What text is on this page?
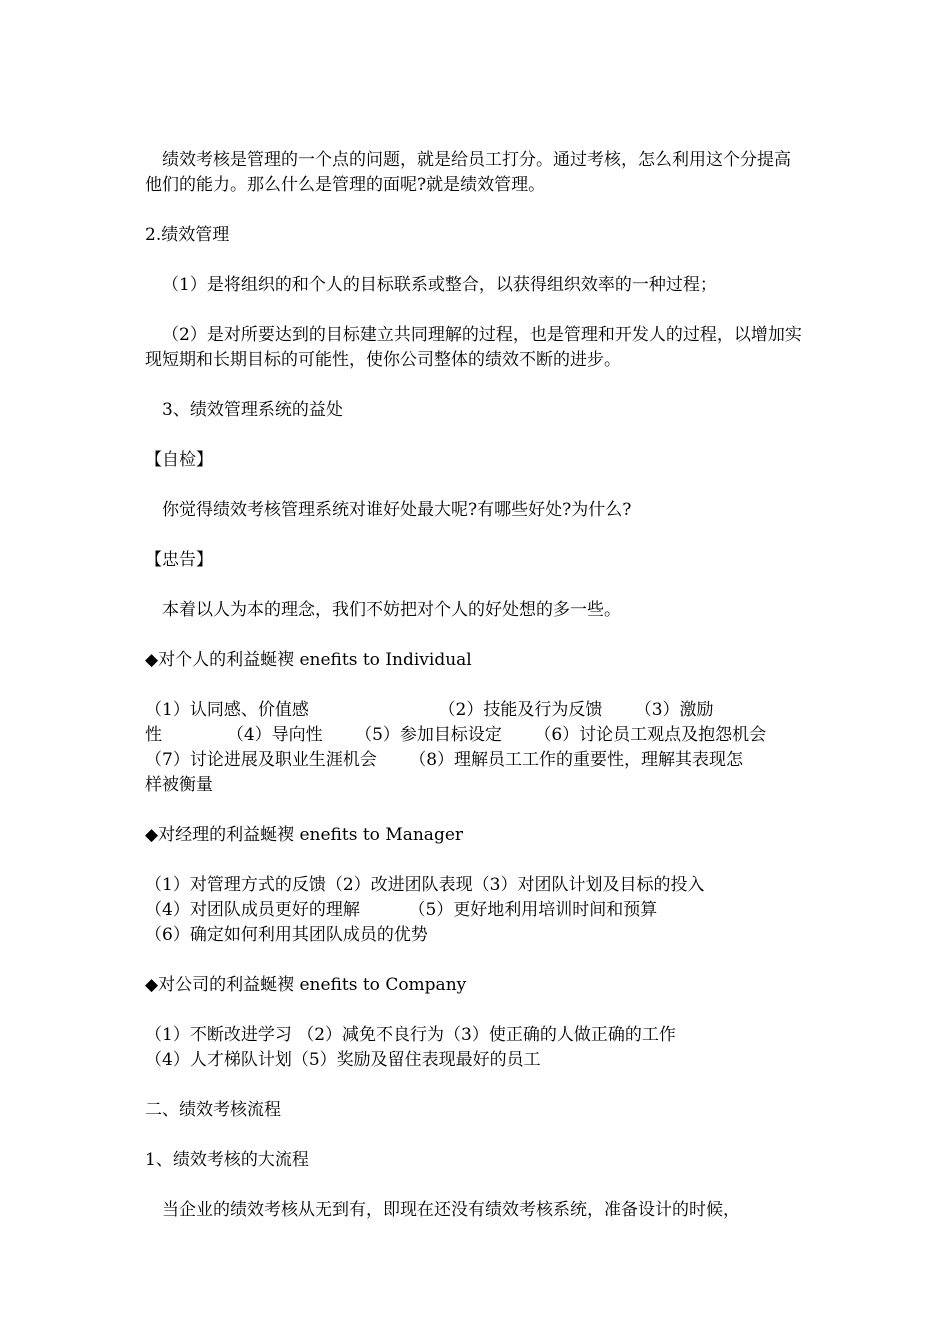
绩效考核是管理的一个点的问题，就是给员工打分。通过考核，怎么利用这个分提高他们的能力。那么什么是管理的面呢?就是绩效管理。

2.绩效管理

（1）是将组织的和个人的目标联系或整合，以获得组织效率的一种过程；

（2）是对所要达到的目标建立共同理解的过程，也是管理和开发人的过程，以增加实现短期和长期目标的可能性，使你公司整体的绩效不断的进步。

3、绩效管理系统的益处

【自检】

你觉得绩效考核管理系统对谁好处最大呢?有哪些好处?为什么?

【忠告】

本着以人为本的理念，我们不妨把对个人的好处想的多一些。

◆对个人的利益蜒褉 enefits to Individual

（1）认同感、价值感                        （2）技能及行为反馈      （3）激励
性            （4）导向性      （5）参加目标设定      （6）讨论员工观点及抱怨机会
（7）讨论进展及职业生涯机会      （8）理解员工工作的重要性，理解其表现怎
样被衡量

◆对经理的利益蜒褉 enefits to Manager

（1）对管理方式的反馈（2）改进团队表现（3）对团队计划及目标的投入
（4）对团队成员更好的理解         （5）更好地利用培训时间和预算
（6）确定如何利用其团队成员的优势

◆对公司的利益蜒褉 enefits to Company

（1）不断改进学习 （2）减免不良行为（3）使正确的人做正确的工作
（4）人才梯队计划（5）奖励及留住表现最好的员工

二、绩效考核流程

1、绩效考核的大流程

当企业的绩效考核从无到有，即现在还没有绩效考核系统，准备设计的时候，
